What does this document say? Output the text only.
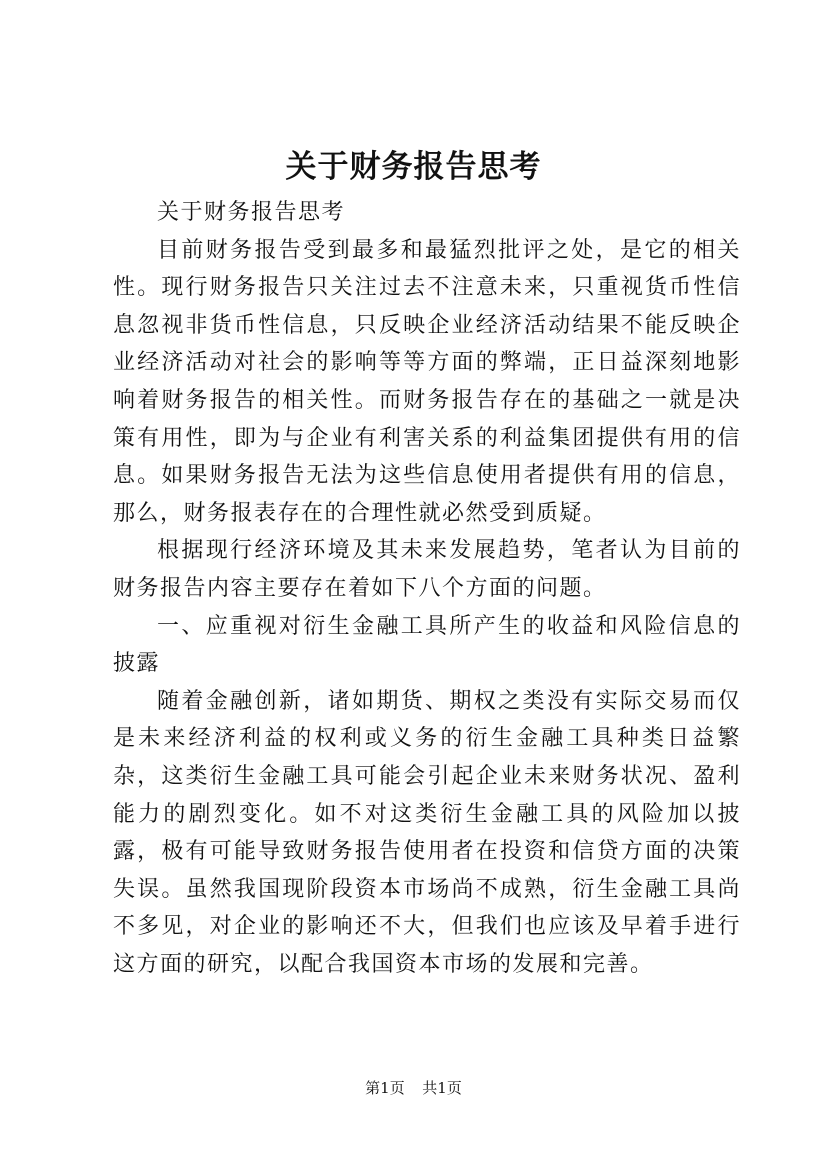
关于财务报告思考

关于财务报告思考

目前财务报告受到最多和最猛烈批评之处，是它的相关性。现行财务报告只关注过去不注意未来，只重视货币性信息忽视非货币性信息，只反映企业经济活动结果不能反映企业经济活动对社会的影响等等方面的弊端，正日益深刻地影响着财务报告的相关性。而财务报告存在的基础之一就是决策有用性，即为与企业有利害关系的利益集团提供有用的信息。如果财务报告无法为这些信息使用者提供有用的信息，那么，财务报表存在的合理性就必然受到质疑。

根据现行经济环境及其未来发展趋势，笔者认为目前的财务报告内容主要存在着如下八个方面的问题。

一、应重视对衍生金融工具所产生的收益和风险信息的披露

随着金融创新，诸如期货、期权之类没有实际交易而仅是未来经济利益的权利或义务的衍生金融工具种类日益繁杂，这类衍生金融工具可能会引起企业未来财务状况、盈利能力的剧烈变化。如不对这类衍生金融工具的风险加以披露，极有可能导致财务报告使用者在投资和信贷方面的决策失误。虽然我国现阶段资本市场尚不成熟，衍生金融工具尚不多见，对企业的影响还不大，但我们也应该及早着手进行这方面的研究，以配合我国资本市场的发展和完善。

第1页 共1页
